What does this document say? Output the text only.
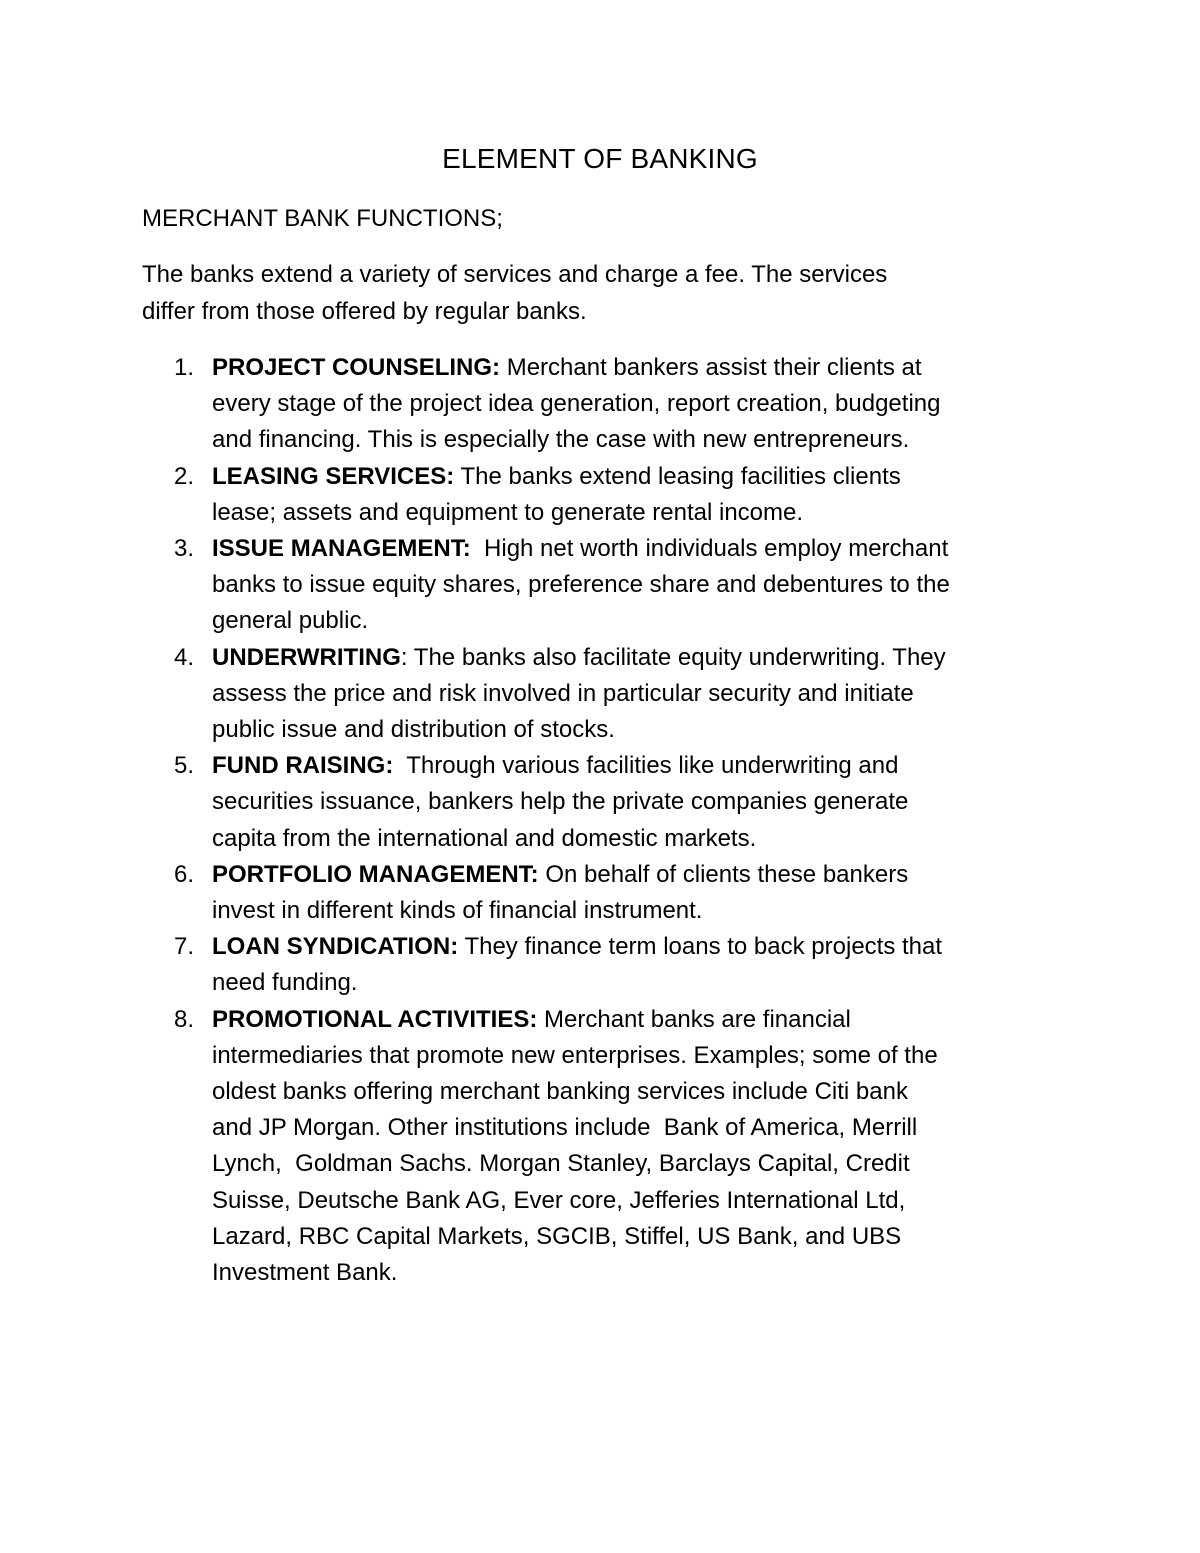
ELEMENT OF BANKING
MERCHANT BANK FUNCTIONS;

The banks extend a variety of services and charge a fee. The services

differ from those offered by regular banks.

1. PROJECT COUNSELING: Merchant bankers assist their clients at
every stage of the project idea generation, report creation, budgeting
and financing. This is especially the case with new entrepreneurs.
2. LEASING SERVICES: The banks extend leasing facilities clients
lease; assets and equipment to generate rental income.
3. ISSUE MANAGEMENT:  High net worth individuals employ merchant
banks to issue equity shares, preference share and debentures to the
general public.
4. UNDERWRITING: The banks also facilitate equity underwriting. They
assess the price and risk involved in particular security and initiate
public issue and distribution of stocks.
5. FUND RAISING:  Through various facilities like underwriting and
securities issuance, bankers help the private companies generate
capita from the international and domestic markets.
6. PORTFOLIO MANAGEMENT: On behalf of clients these bankers
invest in different kinds of financial instrument.
7. LOAN SYNDICATION: They finance term loans to back projects that
need funding.
8. PROMOTIONAL ACTIVITIES: Merchant banks are financial
intermediaries that promote new enterprises. Examples; some of the
oldest banks offering merchant banking services include Citi bank
and JP Morgan. Other institutions include  Bank of America, Merrill
Lynch,  Goldman Sachs. Morgan Stanley, Barclays Capital, Credit
Suisse, Deutsche Bank AG, Ever core, Jefferies International Ltd,
Lazard, RBC Capital Markets, SGCIB, Stiffel, US Bank, and UBS
Investment Bank.
